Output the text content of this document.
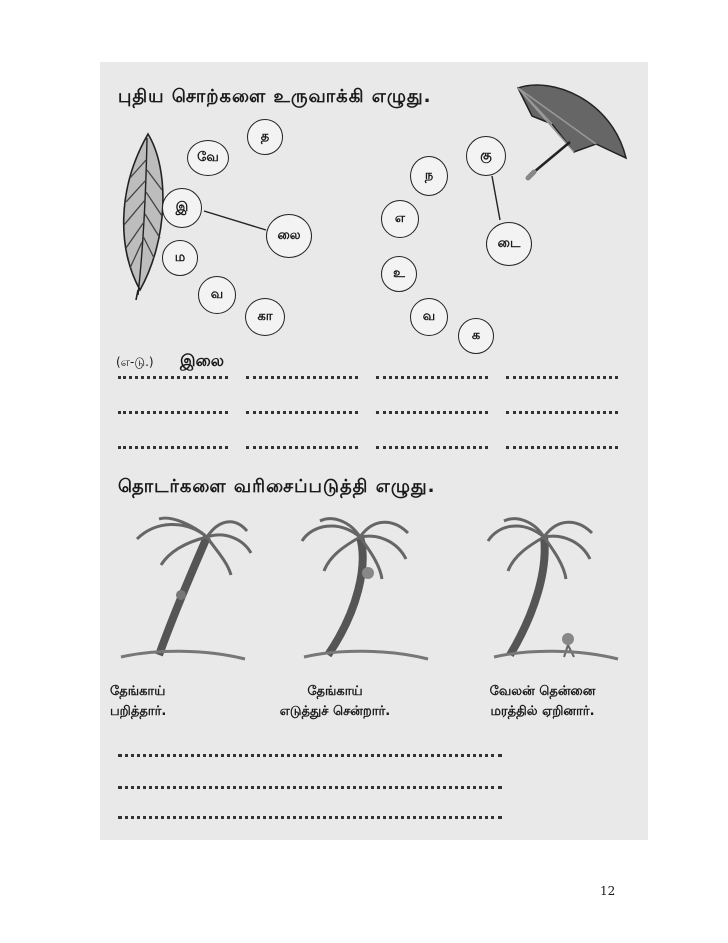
புதிய சொற்களை உருவாக்கி எழுது.
த
வே
இ
லை
ம
வ
கா
கு
ந
எ
டை
உ
வ
க
(எ-டு.) இலை
தொடர்களை வரிசைப்படுத்தி எழுது.
தேங்காய்
பறித்தார்.
தேங்காய்
எடுத்துச் சென்றார்.
வேலன் தென்னை
மரத்தில் ஏறினார்.
12
